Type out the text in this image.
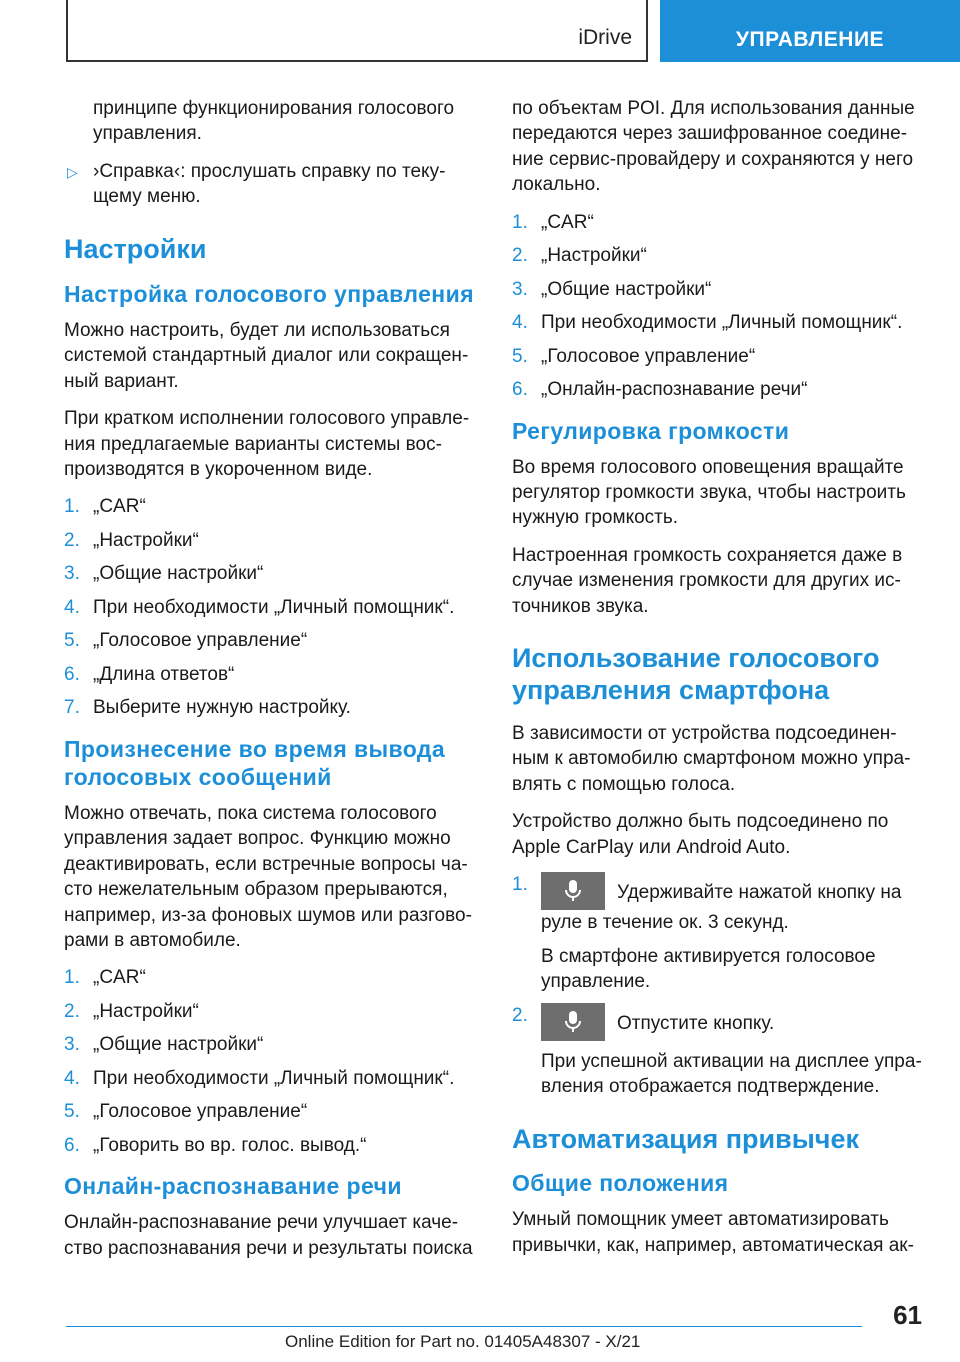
iDrive	УПРАВЛЕНИЕ

принципе функционирования голосового управления.

▷ ›Справка‹: прослушать справку по текущему меню.
Настройки
Настройка голосового управления

Можно настроить, будет ли использоваться системой стандартный диалог или сокращенный вариант.

При кратком исполнении голосового управления предлагаемые варианты системы воспроизводятся в укороченном виде.

1. „CAR“
2. „Настройки“
3. „Общие настройки“
4. При необходимости „Личный помощник“.
5. „Голосовое управление“
6. „Длина ответов“
7. Выберите нужную настройку.
Произнесение во время вывода голосовых сообщений

Можно отвечать, пока система голосового управления задает вопрос. Функцию можно деактивировать, если встречные вопросы часто нежелательным образом прерываются, например, из-за фоновых шумов или разговорами в автомобиле.

1. „CAR“
2. „Настройки“
3. „Общие настройки“
4. При необходимости „Личный помощник“.
5. „Голосовое управление“
6. „Говорить во вр. голос. вывод.“
Онлайн-распознавание речи

Онлайн-распознавание речи улучшает качество распознавания речи и результаты поиска

по объектам POI. Для использования данные передаются через зашифрованное соединение сервис-провайдеру и сохраняются у него локально.

1. „CAR“
2. „Настройки“
3. „Общие настройки“
4. При необходимости „Личный помощник“.
5. „Голосовое управление“
6. „Онлайн-распознавание речи“
Регулировка громкости

Во время голосового оповещения вращайте регулятор громкости звука, чтобы настроить нужную громкость.

Настроенная громкость сохраняется даже в случае изменения громкости для других источников звука.

Использование голосового управления смартфона

В зависимости от устройства подсоединенным к автомобилю смартфоном можно управлять с помощью голоса.

Устройство должно быть подсоединено по Apple CarPlay или Android Auto.

1.	Удерживайте нажатой кнопку на руле в течение ок. 3 секунд.
В смартфоне активируется голосовое управление.
2.	Отпустите кнопку.
При успешной активации на дисплее управления отображается подтверждение.
Автоматизация привычек
Общие положения

Умный помощник умеет автоматизировать привычки, как, например, автоматическая ак-

61
Online Edition for Part no. 01405A48307 - X/21
